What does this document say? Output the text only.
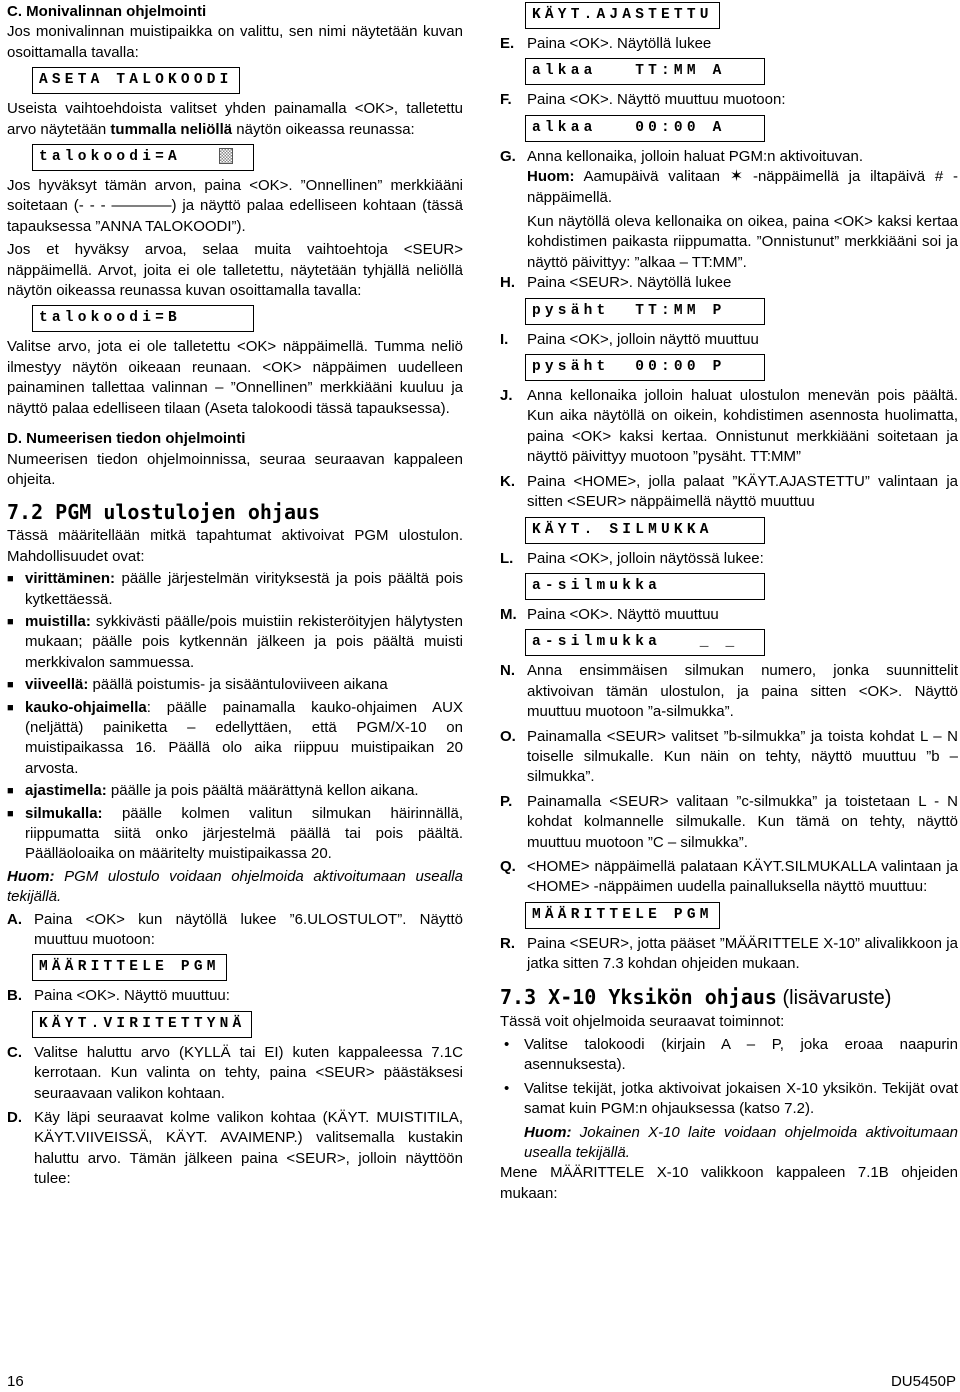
C. Monivalinnan ohjelmointi

Jos monivalinnan muistipaikka on valittu, sen nimi näytetään kuvan osoittamalla tavalla:

ASETA TALOKOODI

Useista vaihtoehdoista valitset yhden painamalla <OK>, talletettu arvo näytetään tummalla neliöllä näytön oikeassa reunassa:

talokoodi=A

Jos hyväksyt tämän arvon, paina <OK>. ”Onnellinen” merkkiääni soitetaan (- - - ————) ja näyttö palaa edelliseen kohtaan (tässä tapauksessa ”ANNA TALOKOODI”).

Jos et hyväksy arvoa, selaa muita vaihtoehtoja <SEUR> näppäimellä. Arvot, joita ei ole talletettu, näytetään tyhjällä neliöllä näytön oikeassa reunassa kuvan osoittamalla tavalla:

talokoodi=B

Valitse arvo, jota ei ole talletettu <OK> näppäimellä. Tumma neliö ilmestyy näytön oikeaan reunaan. <OK> näppäimen uudelleen painaminen tallettaa valinnan – ”Onnellinen” merkkiääni kuuluu ja näyttö palaa edelliseen tilaan (Aseta talokoodi tässä tapauksessa).

D. Numeerisen tiedon ohjelmointi

Numeerisen tiedon ohjelmoinnissa, seuraa seuraavan kappaleen ohjeita.

7.2 PGM ulostulojen ohjaus

Tässä määritellään mitkä tapahtumat aktivoivat PGM ulostulon. Mahdollisuudet ovat:

■ virittäminen: päälle järjestelmän virityksestä ja pois päältä pois kytkettäessä.
■ muistilla: sykkivästi päälle/pois muistiin rekisteröityjen hälytysten mukaan; päälle pois kytkennän jälkeen ja pois päältä muisti merkkivalon sammuessa.
■ viiveellä: päällä poistumis- ja sisääntuloviiveen aikana
■ kauko-ohjaimella: päälle painamalla kauko-ohjaimen AUX (neljättä) painiketta – edellyttäen, että PGM/X-10 on muistipaikassa 16. Päällä olo aika riippuu muistipaikan 20 arvosta.
■ ajastimella: päälle ja pois päältä määrättynä kellon aikana.
■ silmukalla: päälle kolmen valitun silmukan häirinnällä, riippumatta siitä onko järjestelmä päällä tai pois päältä. Päälläoloaika on määritelty muistipaikassa 20.

Huom: PGM ulostulo voidaan ohjelmoida aktivoitumaan usealla tekijällä.

A. Paina <OK> kun näytöllä lukee ”6.ULOSTULOT”. Näyttö muuttuu muotoon:
MÄÄRITTELE PGM
B. Paina <OK>. Näyttö muuttuu:
KÄYT.VIRITETTYNÄ
C. Valitse haluttu arvo (KYLLÄ tai EI) kuten kappaleessa 7.1C kerrotaan. Kun valinta on tehty, paina <SEUR> päästäksesi seuraavaan valikon kohtaan.
D. Käy läpi seuraavat kolme valikon kohtaa (KÄYT. MUISTITILA, KÄYT.VIIVEISSÄ, KÄYT. AVAIMENP.) valitsemalla kustakin haluttu arvo. Tämän jälkeen paina <SEUR>, jolloin näyttöön tulee:
KÄYT.AJASTETTU
E. Paina <OK>. Näytöllä lukee
alkaa   TT:MM A
F.	Paina <OK>. Näyttö muuttuu muotoon:
alkaa   00:00 A
G. Anna kellonaika, jolloin haluat PGM:n aktivoituvan.
Huom: Aamupäivä valitaan ✶ -näppäimellä ja iltapäivä # -näppäimellä.

Kun näytöllä oleva kellonaika on oikea, paina <OK> kaksi kertaa kohdistimen paikasta riippumatta. ”Onnistunut” merkkiääni soi ja näyttö päivittyy: ”alkaa – TT:MM”.

H. Paina <SEUR>. Näytöllä lukee
pysäht  TT:MM P
I.	Paina <OK>, jolloin näyttö muuttuu
pysäht  00:00 P
J. Anna kellonaika jolloin haluat ulostulon menevän pois päältä. Kun aika näytöllä on oikein, kohdistimen asennosta huolimatta, paina <OK> kaksi kertaa. Onnistunut merkkiääni soitetaan ja näyttö päivittyy muotoon ”pysäht. TT:MM”
K. Paina <HOME>, jolla palaat ”KÄYT.AJASTETTU” valintaan ja sitten <SEUR> näppäimellä näyttö muuttuu
KÄYT. SILMUKKA
L. Paina <OK>, jolloin näytössä lukee:
a-silmukka
M. Paina <OK>. Näyttö muuttuu
a-silmukka   _ _
N. Anna ensimmäisen silmukan numero, jonka suunnittelit aktivoivan tämän ulostulon, ja paina sitten <OK>. Näyttö muuttuu muotoon ”a-silmukka”.
O. Painamalla <SEUR> valitset ”b-silmukka” ja toista kohdat L – N toiselle silmukalle. Kun näin on tehty, näyttö muuttuu ”b – silmukka”.
P. Painamalla <SEUR> valitaan ”c-silmukka” ja toistetaan L - N kohdat kolmannelle silmukalle. Kun tämä on tehty, näyttö muuttuu muotoon ”C – silmukka”.
Q. <HOME> näppäimellä palataan KÄYT.SILMUKALLA valintaan ja <HOME> -näppäimen uudella painalluksella näyttö muuttuu:
MÄÄRITTELE PGM
R. Paina <SEUR>, jotta pääset ”MÄÄRITTELE X-10” alivalikkoon ja jatka sitten 7.3 kohdan ohjeiden mukaan.
7.3 X-10 Yksikön ohjaus (lisävaruste)

Tässä voit ohjelmoida seuraavat toiminnot:

• Valitse talokoodi (kirjain A – P, joka eroaa naapurin asennuksesta).
• Valitse tekijät, jotka aktivoivat jokaisen X-10 yksikön. Tekijät ovat samat kuin PGM:n ohjauksessa (katso 7.2).

Huom: Jokainen X-10 laite voidaan ohjelmoida aktivoitumaan usealla tekijällä.

Mene MÄÄRITTELE X-10 valikkoon kappaleen 7.1B ohjeiden mukaan:

16	DU5450P
